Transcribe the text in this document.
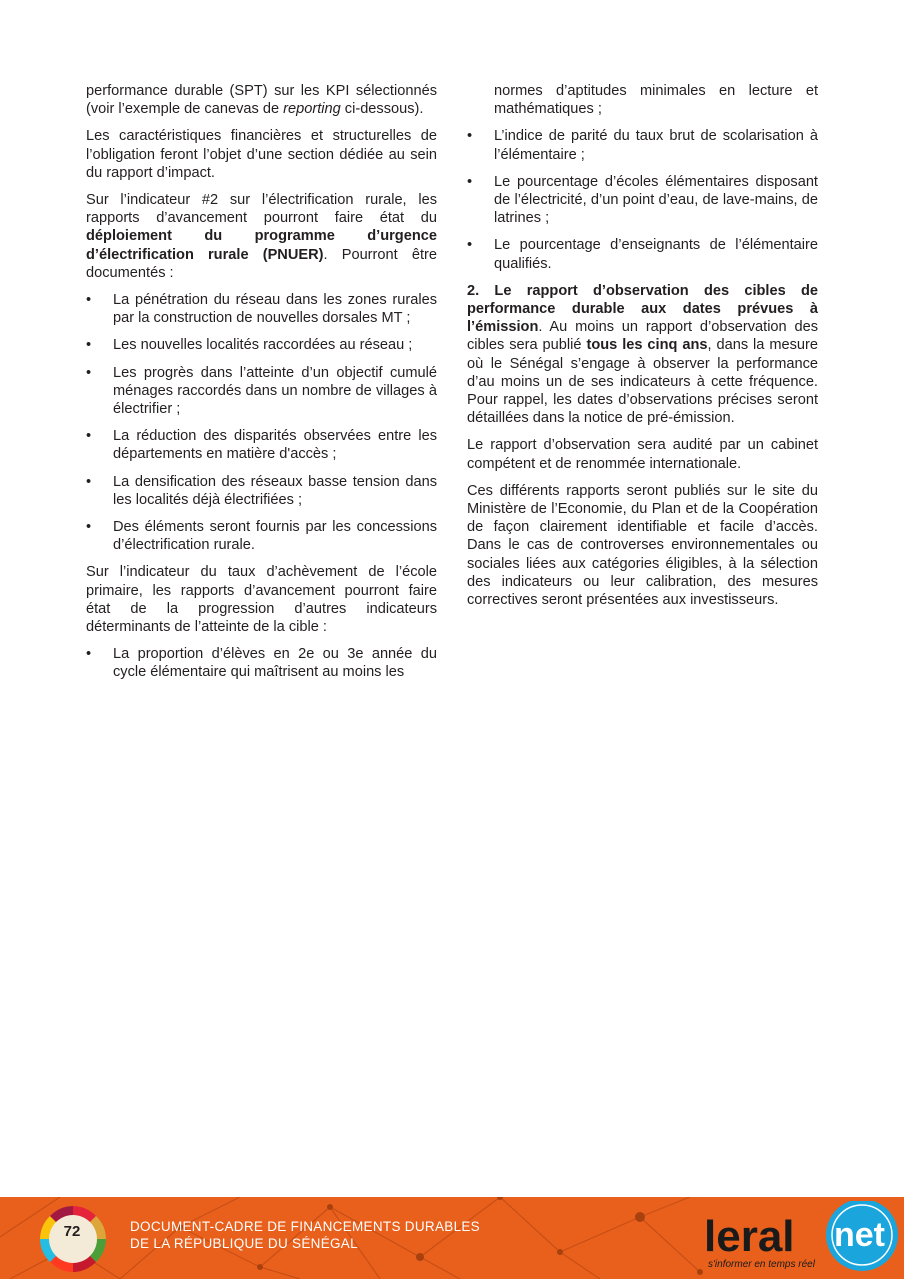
performance durable (SPT) sur les KPI sélectionnés (voir l’exemple de canevas de reporting ci-dessous).

Les caractéristiques financières et structurelles de l’obligation feront l’objet d’une section dédiée au sein du rapport d’impact.

Sur l’indicateur #2 sur l’électrification rurale, les rapports d’avancement pourront faire état du déploiement du programme d’urgence d’électrification rurale (PNUER). Pourront être documentés :

• La pénétration du réseau dans les zones rurales par la construction de nouvelles dorsales MT ;
• Les nouvelles localités raccordées au réseau ;
• Les progrès dans l’atteinte d’un objectif cumulé ménages raccordés dans un nombre de villages à électrifier ;
• La réduction des disparités observées entre les départements en matière d'accès ;
• La densification des réseaux basse tension dans les localités déjà électrifiées ;
• Des éléments seront fournis par les concessions d’électrification rurale.

Sur l’indicateur du taux d’achèvement de l’école primaire, les rapports d’avancement pourront faire état de la progression d’autres indicateurs déterminants de l’atteinte de la cible :

• La proportion d’élèves en 2e ou 3e année du cycle élémentaire qui maîtrisent au moins les
normes d’aptitudes minimales en lecture et mathématiques ;
• L’indice de parité du taux brut de scolarisation à l’élémentaire ;
• Le pourcentage d’écoles élémentaires disposant de l’électricité, d’un point d’eau, de lave-mains, de latrines ;
• Le pourcentage d’enseignants de l’élémentaire qualifiés.

2. Le rapport d’observation des cibles de performance durable aux dates prévues à l’émission. Au moins un rapport d’observation des cibles sera publié tous les cinq ans, dans la mesure où le Sénégal s’engage à observer la performance d’au moins un de ses indicateurs à cette fréquence. Pour rappel, les dates d’observations précises seront détaillées dans la notice de pré-émission.

Le rapport d’observation sera audité par un cabinet compétent et de renommée internationale.

Ces différents rapports seront publiés sur le site du Ministère de l’Economie, du Plan et de la Coopération de façon clairement identifiable et facile d’accès. Dans le cas de controverses environnementales ou sociales liées aux catégories éligibles, à la sélection des indicateurs ou leur calibration, des mesures correctives seront présentées aux investisseurs.

72	DOCUMENT-CADRE DE FINANCEMENTS DURABLES
DE LA RÉPUBLIQUE DU SÉNÉGAL	leral net
s'informer en temps réel
